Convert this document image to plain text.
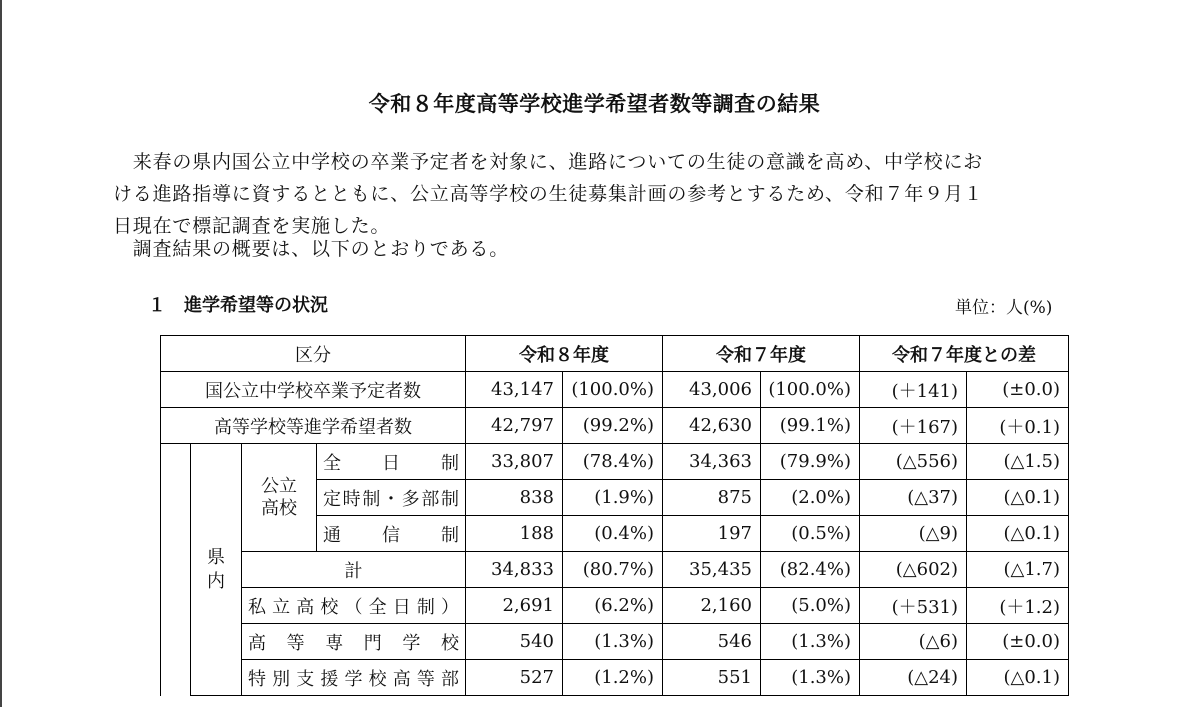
令和８年度高等学校進学希望者数等調査の結果
　来春の県内国公立中学校の卒業予定者を対象に、進路についての生徒の意識を高め、中学校にお
ける進路指導に資するとともに、公立高等学校の生徒募集計画の参考とするため、令和７年９月１
日現在で標記調査を実施した。
　調査結果の概要は、以下のとおりである。
１　進学希望等の状況	単位：人(%)
区分				令和８年度		令和７年度		令和７年度との差	
国公立中学校卒業予定者数				43,147	(100.0%)	43,006	(100.0%)	(＋141)	(±0.0)
高等学校等進学希望者数				42,797	(99.2%)	42,630	(99.1%)	(＋167)	(＋0.1)
	県内	公立高校	全日制	33,807	(78.4%)	34,363	(79.9%)	(△556)	(△1.5)
			定時制・多部制	838	(1.9%)	875	(2.0%)	(△37)	(△0.1)
			通信制	188	(0.4%)	197	(0.5%)	(△9)	(△0.1)
		計		34,833	(80.7%)	35,435	(82.4%)	(△602)	(△1.7)
		私立高校（全日制）		2,691	(6.2%)	2,160	(5.0%)	(＋531)	(＋1.2)
		高等専門学校		540	(1.3%)	546	(1.3%)	(△6)	(±0.0)
		特別支援学校高等部		527	(1.2%)	551	(1.3%)	(△24)	(△0.1)
